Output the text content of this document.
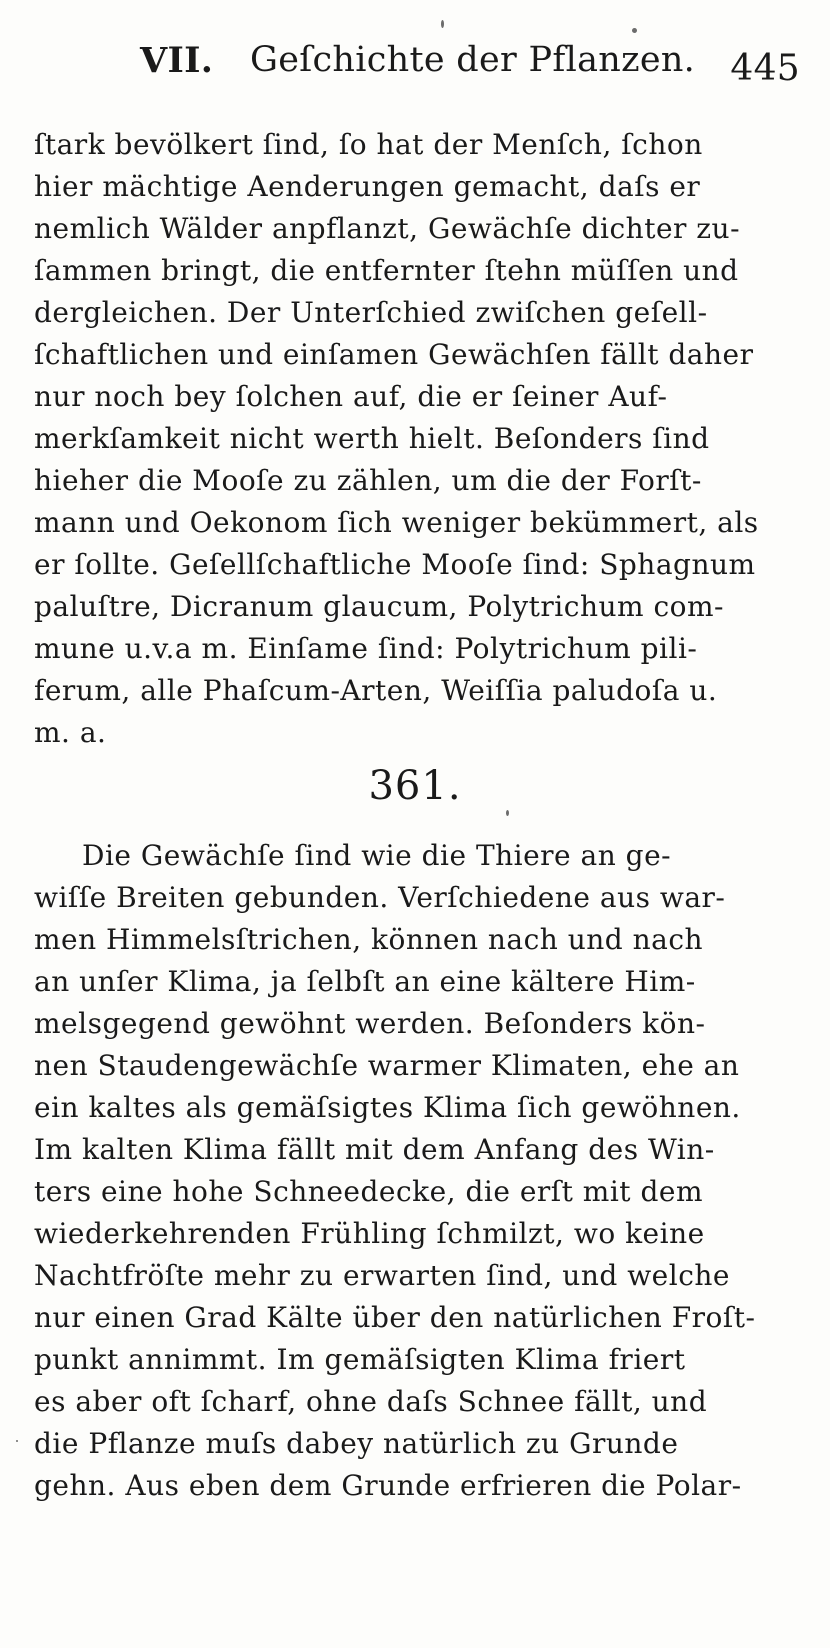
VII. Geſchichte der Pflanzen. 445
ſtark bevölkert ſind, ſo hat der Menſch, ſchon
hier mächtige Aenderungen gemacht, daſs er
nemlich Wälder anpflanzt, Gewächſe dichter zu-
ſammen bringt, die entfernter ſtehn müſſen und
dergleichen. Der Unterſchied zwiſchen geſell-
ſchaftlichen und einſamen Gewächſen fällt daher
nur noch bey ſolchen auf, die er ſeiner Auf-
merkſamkeit nicht werth hielt. Beſonders ſind
hieher die Mooſe zu zählen, um die der Forſt-
mann und Oekonom ſich weniger bekümmert, als
er ſollte. Geſellſchaftliche Mooſe ſind: Sphagnum
paluſtre, Dicranum glaucum, Polytrichum com-
mune u.v.a m. Einſame ſind: Polytrichum pili-
ferum, alle Phaſcum-Arten, Weiſſia paludoſa u.
m. a.
361.
Die Gewächſe ſind wie die Thiere an ge-
wiſſe Breiten gebunden. Verſchiedene aus war-
men Himmelsſtrichen, können nach und nach
an unſer Klima, ja ſelbſt an eine kältere Him-
melsgegend gewöhnt werden. Beſonders kön-
nen Staudengewächſe warmer Klimaten, ehe an
ein kaltes als gemäſsigtes Klima ſich gewöhnen.
Im kalten Klima fällt mit dem Anfang des Win-
ters eine hohe Schneedecke, die erſt mit dem
wiederkehrenden Frühling ſchmilzt, wo keine
Nachtfröſte mehr zu erwarten ſind, und welche
nur einen Grad Kälte über den natürlichen Froſt-
punkt annimmt. Im gemäſsigten Klima friert
es aber oft ſcharf, ohne daſs Schnee fällt, und
die Pflanze muſs dabey natürlich zu Grunde
gehn. Aus eben dem Grunde erfrieren die Polar-
